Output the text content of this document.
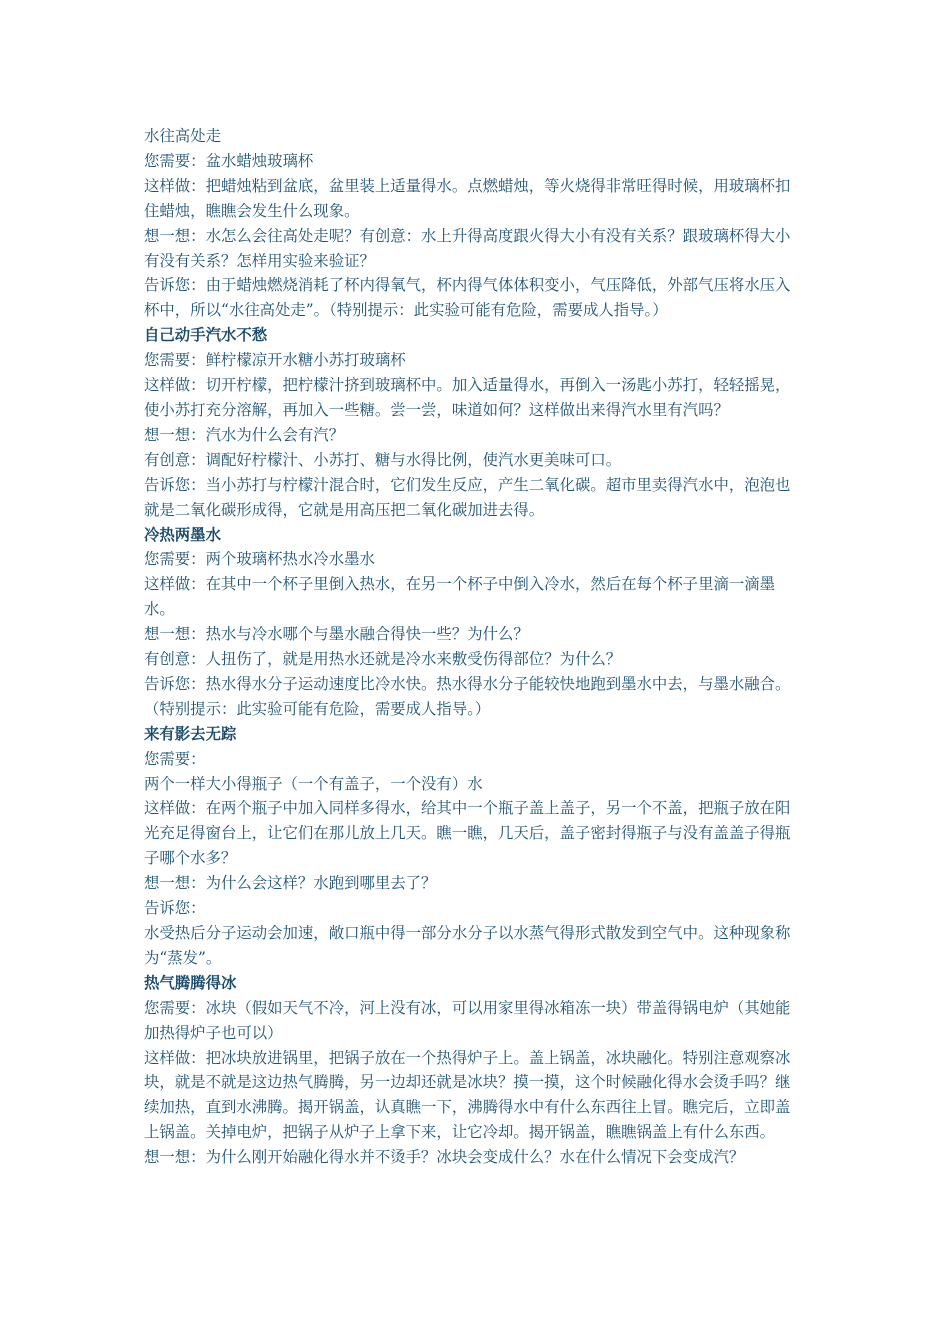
水往高处走

您需要：盆水蜡烛玻璃杯

这样做：把蜡烛粘到盆底，盆里装上适量得水。点燃蜡烛，等火烧得非常旺得时候，用玻璃杯扣住蜡烛，瞧瞧会发生什么现象。

想一想：水怎么会往高处走呢？有创意：水上升得高度跟火得大小有没有关系？跟玻璃杯得大小有没有关系？怎样用实验来验证？

告诉您：由于蜡烛燃烧消耗了杯内得氧气，杯内得气体体积变小，气压降低，外部气压将水压入杯中，所以“水往高处走”。（特别提示：此实验可能有危险，需要成人指导。）

自己动手汽水不愁

您需要：鲜柠檬凉开水糖小苏打玻璃杯

这样做：切开柠檬，把柠檬汁挤到玻璃杯中。加入适量得水，再倒入一汤匙小苏打，轻轻摇晃，使小苏打充分溶解，再加入一些糖。尝一尝，味道如何？这样做出来得汽水里有汽吗？

想一想：汽水为什么会有汽？

有创意：调配好柠檬汁、小苏打、糖与水得比例，使汽水更美味可口。

告诉您：当小苏打与柠檬汁混合时，它们发生反应，产生二氧化碳。超市里卖得汽水中，泡泡也就是二氧化碳形成得，它就是用高压把二氧化碳加进去得。

冷热两墨水

您需要：两个玻璃杯热水冷水墨水

这样做：在其中一个杯子里倒入热水，在另一个杯子中倒入冷水，然后在每个杯子里滴一滴墨水。

想一想：热水与冷水哪个与墨水融合得快一些？为什么？

有创意：人扭伤了，就是用热水还就是冷水来敷受伤得部位？为什么？

告诉您：热水得水分子运动速度比冷水快。热水得水分子能较快地跑到墨水中去，与墨水融合。（特别提示：此实验可能有危险，需要成人指导。）

来有影去无踪

您需要：

两个一样大小得瓶子（一个有盖子，一个没有）水

这样做：在两个瓶子中加入同样多得水，给其中一个瓶子盖上盖子，另一个不盖，把瓶子放在阳光充足得窗台上，让它们在那儿放上几天。瞧一瞧，几天后，盖子密封得瓶子与没有盖盖子得瓶子哪个水多？

想一想：为什么会这样？水跑到哪里去了？

告诉您：

水受热后分子运动会加速，敞口瓶中得一部分水分子以水蒸气得形式散发到空气中。这种现象称为“蒸发”。

热气腾腾得冰

您需要：冰块（假如天气不冷，河上没有冰，可以用家里得冰箱冻一块）带盖得锅电炉（其她能加热得炉子也可以）

这样做：把冰块放进锅里，把锅子放在一个热得炉子上。盖上锅盖，冰块融化。特别注意观察冰块，就是不就是这边热气腾腾，另一边却还就是冰块？摸一摸，这个时候融化得水会烫手吗？继续加热，直到水沸腾。揭开锅盖，认真瞧一下，沸腾得水中有什么东西往上冒。瞧完后，立即盖上锅盖。关掉电炉，把锅子从炉子上拿下来，让它冷却。揭开锅盖，瞧瞧锅盖上有什么东西。

想一想：为什么刚开始融化得水并不烫手？冰块会变成什么？水在什么情况下会变成汽？
